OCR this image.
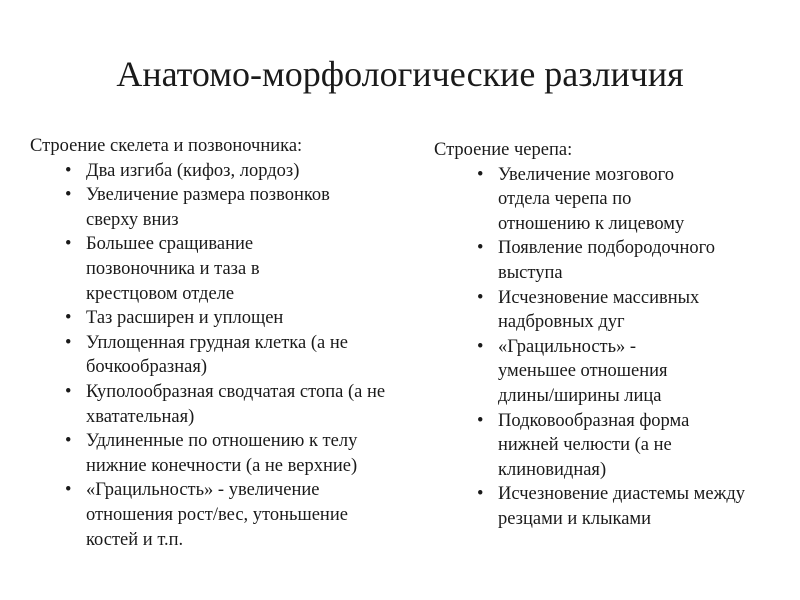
Анатомо-морфологические различия

Строение скелета и позвоночника:

• Два изгиба (кифоз, лордоз)
• Увеличение размера позвонков сверху вниз
• Большее сращивание позвоночника и таза в крестцовом отделе
• Таз расширен и уплощен
• Уплощенная грудная клетка (а не бочкообразная)
• Куполообразная сводчатая стопа (а не хватательная)
• Удлиненные по отношению к телу нижние конечности (а не верхние)
• «Грацильность» - увеличение отношения рост/вес, утоньшение костей и т.п.

Строение черепа:

• Увеличение мозгового отдела черепа по отношению к лицевому
• Появление подбородочного выступа
• Исчезновение массивных надбровных дуг
• «Грацильность» - уменьшее отношения длины/ширины лица
• Подковообразная форма нижней челюсти (а не клиновидная)
• Исчезновение диастемы между резцами и клыками
